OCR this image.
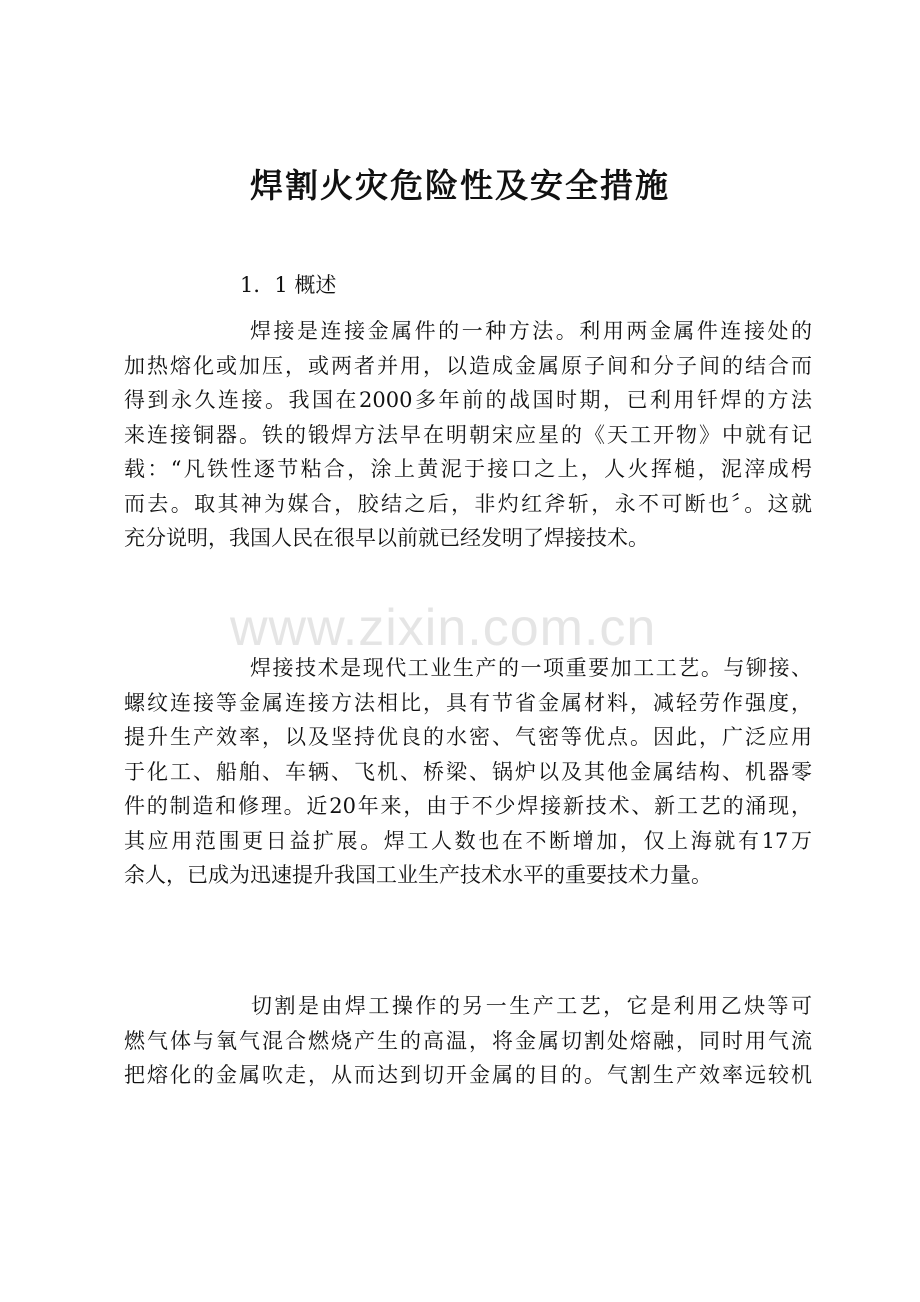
www.zixin.com.cn
焊割火灾危险性及安全措施
1．1 概述
焊接是连接金属件的一种方法。利用两金属件连接处的
加热熔化或加压，或两者并用，以造成金属原子间和分子间的结合而
得到永久连接。我国在2000多年前的战国时期，已利用钎焊的方法
来连接铜器。铁的锻焊方法早在明朝宋应星的《天工开物》中就有记
载：“凡铁性逐节粘合，涂上黄泥于接口之上，人火挥槌，泥滓成枵
而去。取其神为媒合，胶结之后，非灼红斧斩，永不可断也〞。这就
充分说明，我国人民在很早以前就已经发明了焊接技术。
焊接技术是现代工业生产的一项重要加工工艺。与铆接、
螺纹连接等金属连接方法相比，具有节省金属材料，减轻劳作强度，
提升生产效率，以及坚持优良的水密、气密等优点。因此，广泛应用
于化工、船舶、车辆、飞机、桥梁、锅炉以及其他金属结构、机器零
件的制造和修理。近20年来，由于不少焊接新技术、新工艺的涌现，
其应用范围更日益扩展。焊工人数也在不断增加，仅上海就有17万
余人，已成为迅速提升我国工业生产技术水平的重要技术力量。
切割是由焊工操作的另一生产工艺，它是利用乙炔等可
燃气体与氧气混合燃烧产生的高温，将金属切割处熔融，同时用气流
把熔化的金属吹走，从而达到切开金属的目的。气割生产效率远较机
